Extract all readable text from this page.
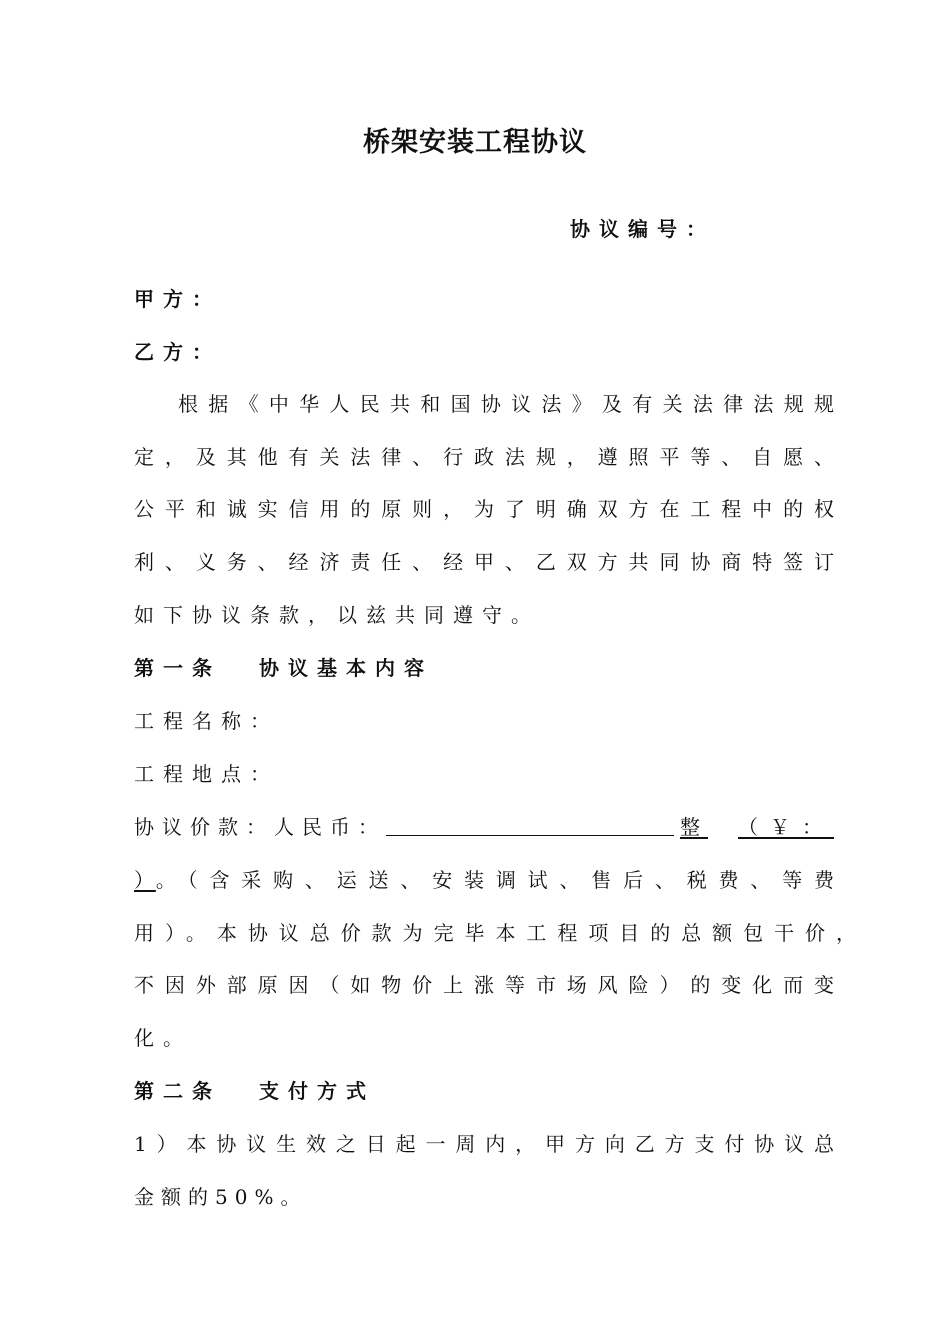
桥架安装工程协议
协议编号：
甲方：
乙方：
根据《中华人民共和国协议法》及有关法律法规规
定，及其他有关法律、行政法规，遵照平等、自愿、
公平和诚实信用的原则，为了明确双方在工程中的权
利、义务、经济责任、经甲、乙双方共同协商特签订
如下协议条款，以兹共同遵守。
第一条 协议基本内容
工程名称：
工程地点：
协议价款：人民币：	整 （￥：
）。（含采购、运送、安装调试、售后、税费、等费
用）。本协议总价款为完毕本工程项目的总额包干价，
不因外部原因（如物价上涨等市场风险）的变化而变
化。
第二条 支付方式
1）本协议生效之日起一周内，甲方向乙方支付协议总
金额的50%。
